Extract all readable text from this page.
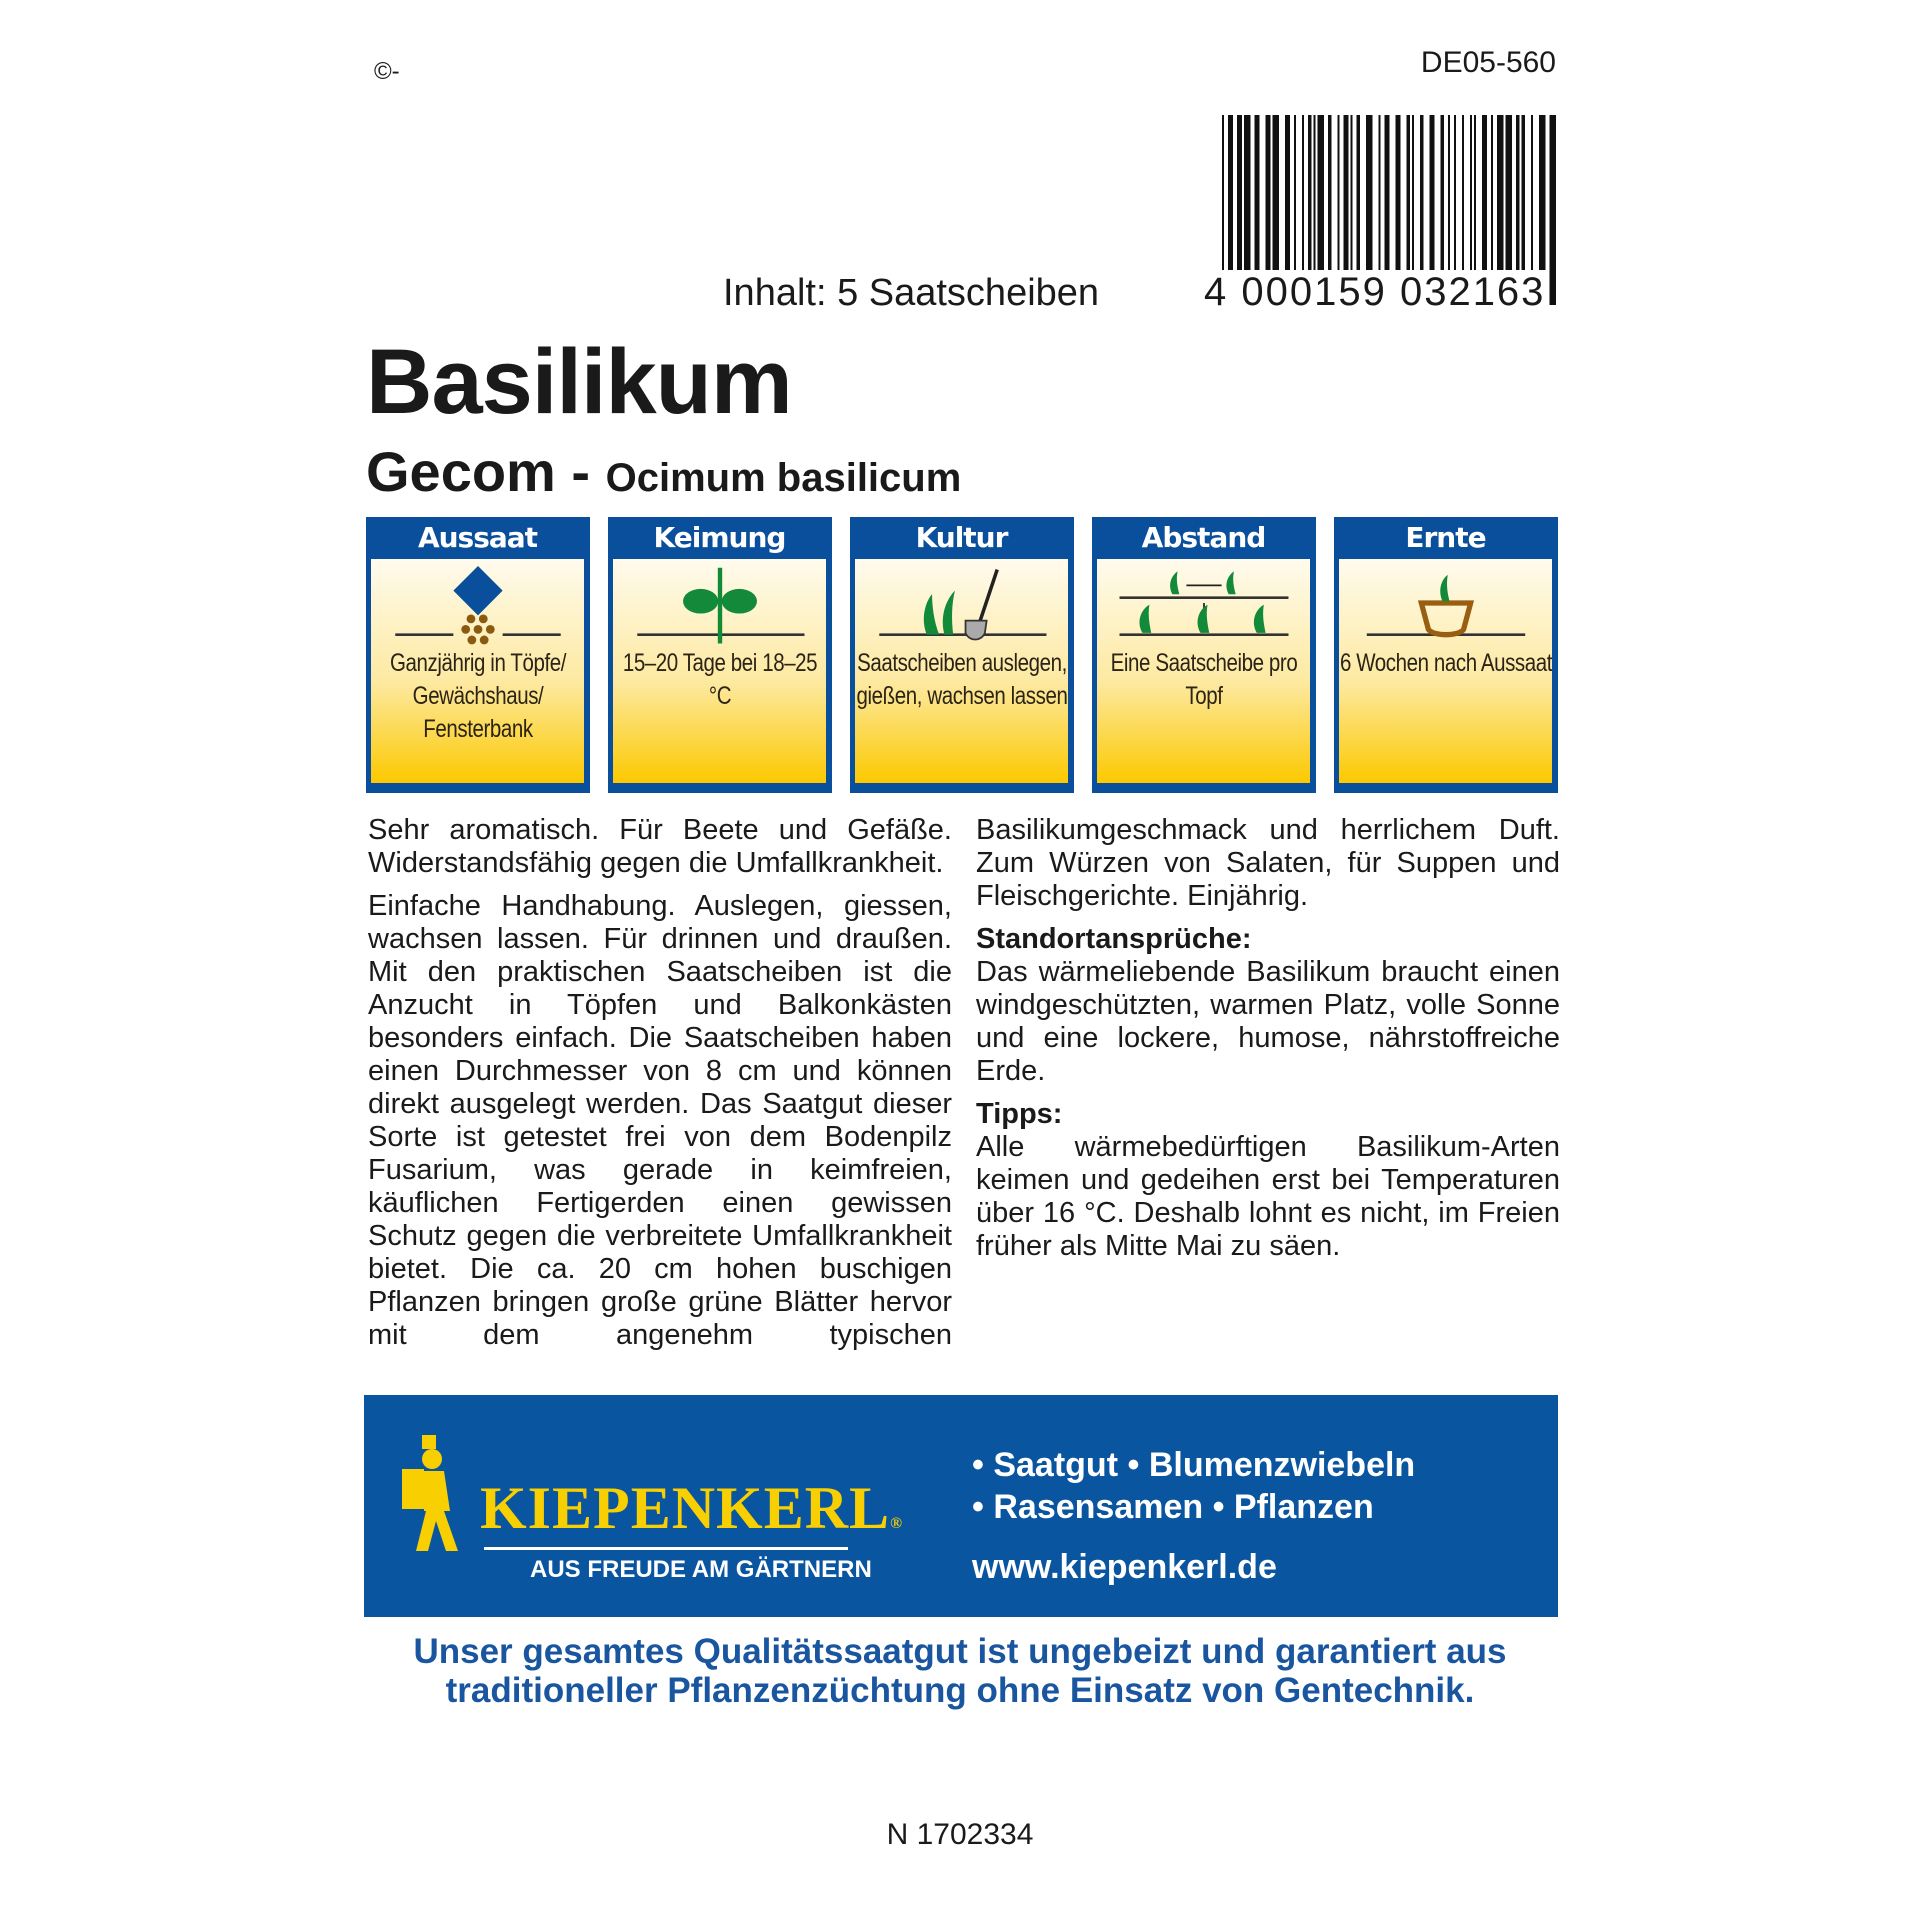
©-	DE05-560
4 000159 032163
Inhalt: 5 Saatscheiben
Basilikum
Gecom - Ocimum basilicum
Aussaat
Ganzjährig in Töpfe/ Gewächshaus/ Fensterbank
Keimung
15–20 Tage bei 18–25 °C
Kultur
Saatscheiben auslegen, gießen, wachsen lassen
Abstand
Eine Saatscheibe pro Topf
Ernte
6 Wochen nach Aussaat

Sehr aromatisch. Für Beete und Gefäße. Widerstandsfähig gegen die Umfallkrankheit.

Einfache Handhabung. Auslegen, giessen, wachsen lassen. Für drinnen und draußen. Mit den praktischen Saatscheiben ist die Anzucht in Töpfen und Balkonkästen besonders einfach. Die Saatscheiben haben einen Durchmesser von 8 cm und können direkt ausgelegt werden. Das Saatgut dieser Sorte ist getestet frei von dem Bodenpilz Fusarium, was gerade in keimfreien, käuflichen Fertigerden einen gewissen Schutz gegen die verbreitete Umfallkrankheit bietet. Die ca. 20 cm hohen buschigen Pflanzen bringen große grüne Blätter hervor mit dem angenehm typischen Basilikumgeschmack und herrlichem Duft. Zum Würzen von Salaten, für Suppen und Fleischgerichte. Einjährig.

Standortansprüche:

Das wärmeliebende Basilikum braucht einen windgeschützten, warmen Platz, volle Sonne und eine lockere, humose, nährstoffreiche Erde.

Tipps:

Alle wärmebedürftigen Basilikum-Arten keimen und gedeihen erst bei Temperaturen über 16 °C. Deshalb lohnt es nicht, im Freien früher als Mitte Mai zu säen.

KIEPENKERL®
AUS FREUDE AM GÄRTNERN
• Saatgut • Blumenzwiebeln
• Rasensamen • Pflanzen
www.kiepenkerl.de
Unser gesamtes Qualitätssaatgut ist ungebeizt und garantiert aus traditioneller Pflanzenzüchtung ohne Einsatz von Gentechnik.
N 1702334
